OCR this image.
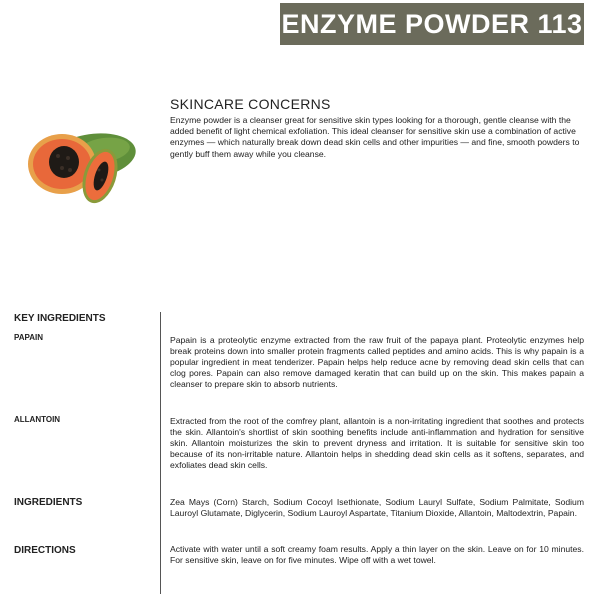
ENZYME POWDER 113
SKINCARE CONCERNS
Enzyme powder is a cleanser great for sensitive skin types looking for a thorough, gentle cleanse with the added benefit of light chemical exfoliation. This ideal cleanser for sensitive skin use a combination of active enzymes — which naturally break down dead skin cells and other impurities — and fine, smooth powders to gently buff them away while you cleanse.
KEY INGREDIENTS
PAPAIN	Papain is a proteolytic enzyme extracted from the raw fruit of the papaya plant. Proteolytic enzymes help break proteins down into smaller protein fragments called peptides and amino acids. This is why papain is a popular ingredient in meat tenderizer. Papain helps help reduce acne by removing dead skin cells that can clog pores. Papain can also remove damaged keratin that can build up on the skin. This makes papain a cleanser to prepare skin to absorb nutrients.
ALLANTOIN	Extracted from the root of the comfrey plant, allantoin is a non-irritating ingredient that soothes and protects the skin. Allantoin's shortlist of skin soothing benefits include anti-inflammation and hydration for sensitive skin. Allantoin moisturizes the skin to prevent dryness and irritation. It is suitable for sensitive skin too because of its non-irritable nature. Allantoin helps in shedding dead skin cells as it softens, separates, and exfoliates dead skin cells.
INGREDIENTS	Zea Mays (Corn) Starch, Sodium Cocoyl Isethionate, Sodium Lauryl Sulfate, Sodium Palmitate, Sodium Lauroyl Glutamate, Diglycerin, Sodium Lauroyl Aspartate, Titanium Dioxide, Allantoin, Maltodextrin, Papain.
DIRECTIONS	Activate with water until a soft creamy foam results. Apply a thin layer on the skin. Leave on for 10 minutes. For sensitive skin, leave on for five minutes. Wipe off with a wet towel.
